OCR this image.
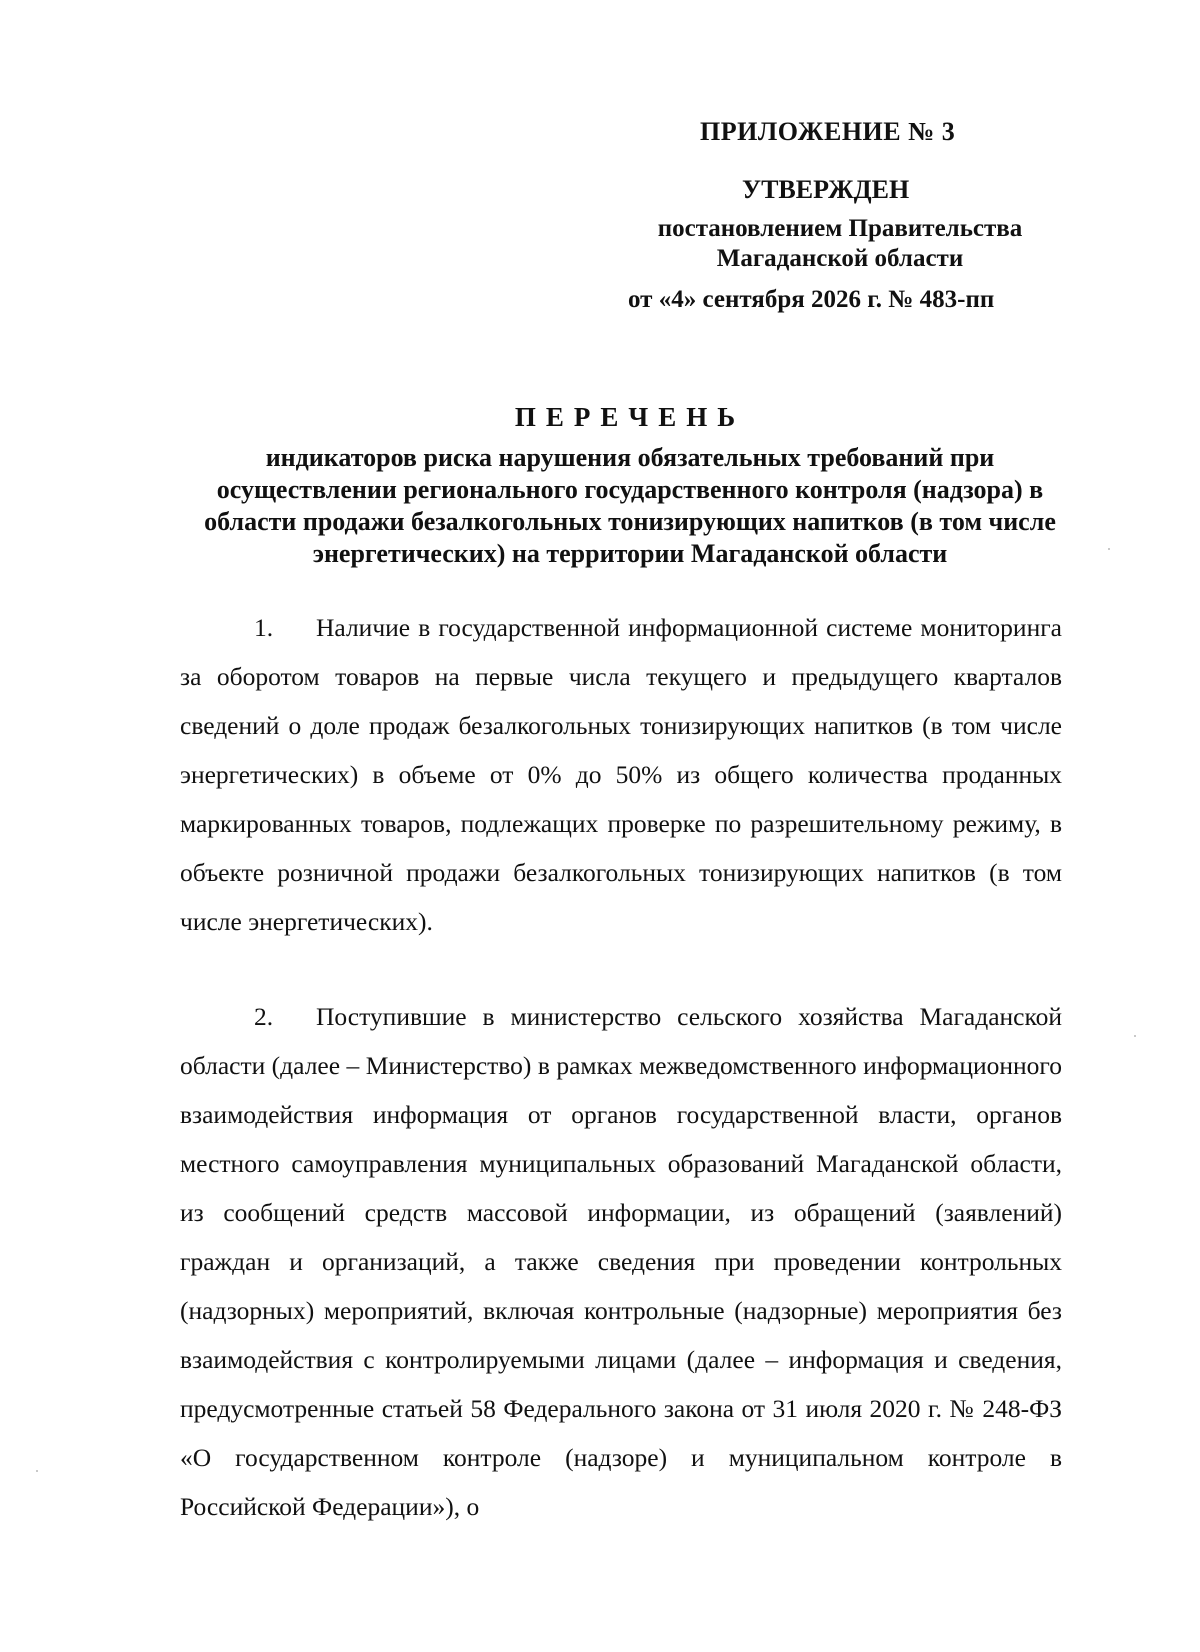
ПРИЛОЖЕНИЕ № 3
УТВЕРЖДЕН
постановлением Правительства
Магаданской области
от «4» сентября 2026 г. № 483-пп
ПЕРЕЧЕНЬ
индикаторов риска нарушения обязательных требований при осуществлении регионального государственного контроля (надзора) в области продажи безалкогольных тонизирующих напитков (в том числе энергетических) на территории Магаданской области
1. Наличие в государственной информационной системе мониторинга за оборотом товаров на первые числа текущего и предыдущего кварталов сведений о доле продаж безалкогольных тонизирующих напитков (в том числе энергетических) в объеме от 0% до 50% из общего количества проданных маркированных товаров, подлежащих проверке по разрешительному режиму, в объекте розничной продажи безалкогольных тонизирующих напитков (в том числе энергетических).
2. Поступившие в министерство сельского хозяйства Магаданской области (далее – Министерство) в рамках межведомственного информационного взаимодействия информация от органов государственной власти, органов местного самоуправления муниципальных образований Магаданской области, из сообщений средств массовой информации, из обращений (заявлений) граждан и организаций, а также сведения при проведении контрольных (надзорных) мероприятий, включая контрольные (надзорные) мероприятия без взаимодействия с контролируемыми лицами (далее – информация и сведения, предусмотренные статьей 58 Федерального закона от 31 июля 2020 г. № 248-ФЗ «О государственном контроле (надзоре) и муниципальном контроле в Российской Федерации»), о
